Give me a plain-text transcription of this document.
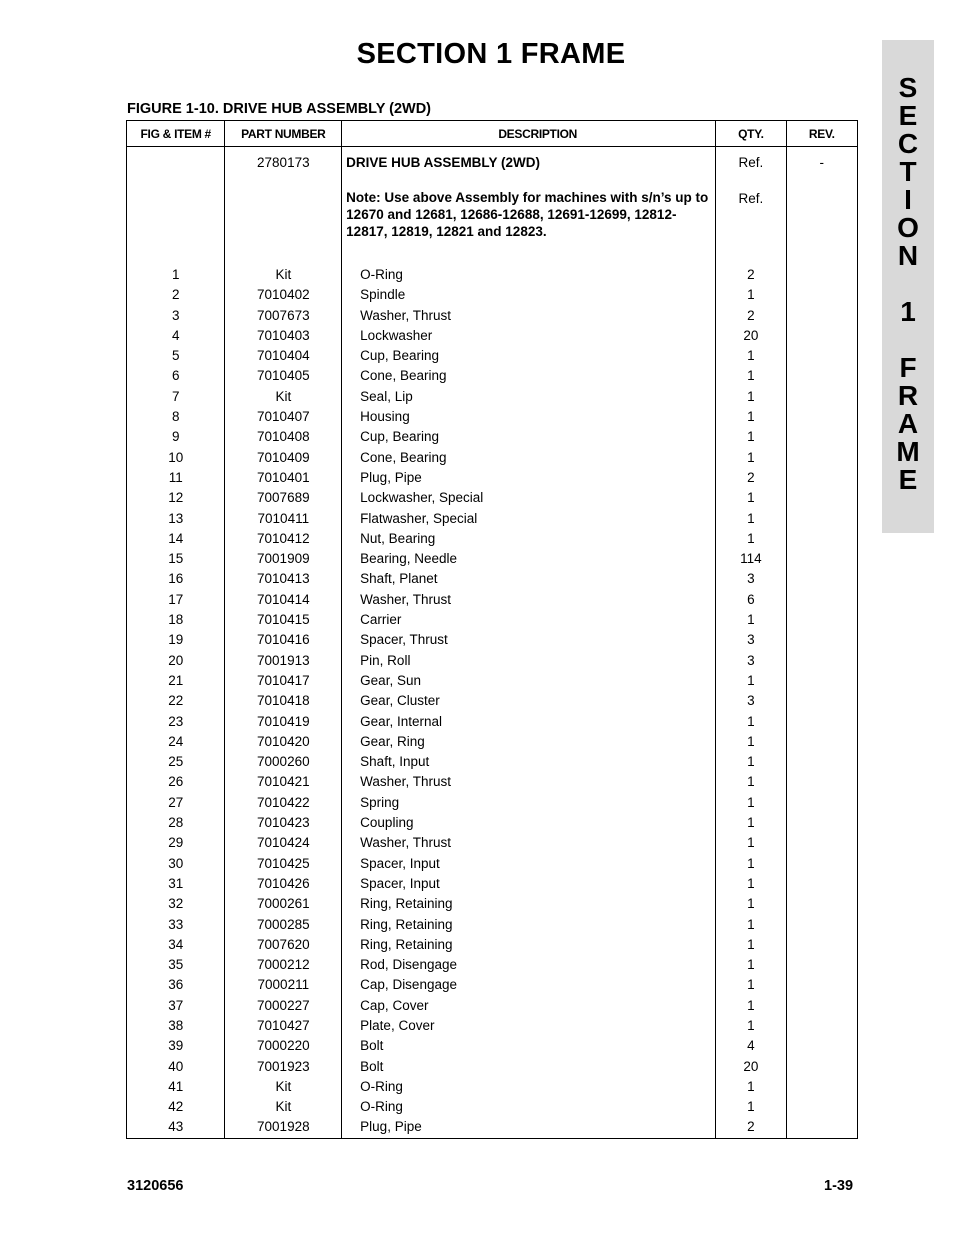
SECTION 1 FRAME
S
E
C
T
I
O
N
1
F
R
A
M
E
FIGURE 1-10. DRIVE HUB ASSEMBLY (2WD)
FIG & ITEM #	PART NUMBER	DESCRIPTION	QTY.	REV.
	2780173	DRIVE HUB ASSEMBLY (2WD)	Ref.	-
		Note: Use above Assembly for machines with s/n’s up to 12670 and 12681, 12686-12688, 12691-12699, 12812-12817, 12819, 12821 and 12823.	Ref.	
1	Kit	O-Ring	2	
2	7010402	Spindle	1	
3	7007673	Washer, Thrust	2	
4	7010403	Lockwasher	20	
5	7010404	Cup, Bearing	1	
6	7010405	Cone, Bearing	1	
7	Kit	Seal, Lip	1	
8	7010407	Housing	1	
9	7010408	Cup, Bearing	1	
10	7010409	Cone, Bearing	1	
11	7010401	Plug, Pipe	2	
12	7007689	Lockwasher, Special	1	
13	7010411	Flatwasher, Special	1	
14	7010412	Nut, Bearing	1	
15	7001909	Bearing, Needle	114	
16	7010413	Shaft, Planet	3	
17	7010414	Washer, Thrust	6	
18	7010415	Carrier	1	
19	7010416	Spacer, Thrust	3	
20	7001913	Pin, Roll	3	
21	7010417	Gear, Sun	1	
22	7010418	Gear, Cluster	3	
23	7010419	Gear, Internal	1	
24	7010420	Gear, Ring	1	
25	7000260	Shaft, Input	1	
26	7010421	Washer, Thrust	1	
27	7010422	Spring	1	
28	7010423	Coupling	1	
29	7010424	Washer, Thrust	1	
30	7010425	Spacer, Input	1	
31	7010426	Spacer, Input	1	
32	7000261	Ring, Retaining	1	
33	7000285	Ring, Retaining	1	
34	7007620	Ring, Retaining	1	
35	7000212	Rod, Disengage	1	
36	7000211	Cap, Disengage	1	
37	7000227	Cap, Cover	1	
38	7010427	Plate, Cover	1	
39	7000220	Bolt	4	
40	7001923	Bolt	20	
41	Kit	O-Ring	1	
42	Kit	O-Ring	1	
43	7001928	Plug, Pipe	2	
3120656	1-39
